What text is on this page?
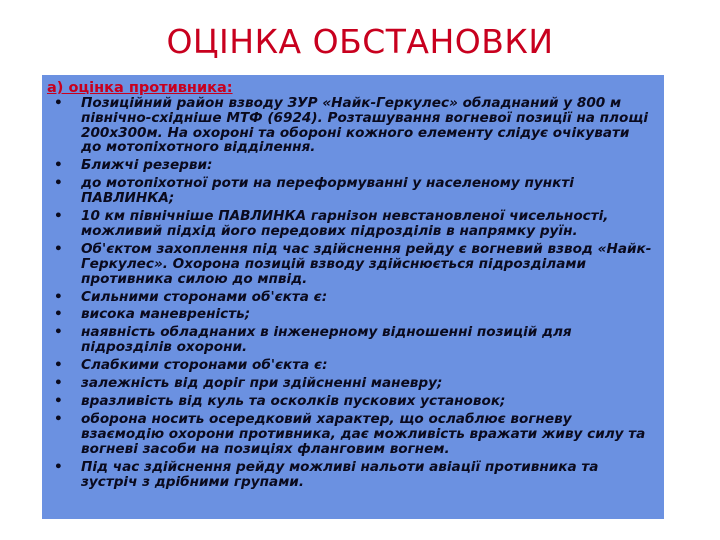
ОЦІНКА ОБСТАНОВКИ
а) оцінка противника:
• Позиційний район взводу ЗУР «Найк-Геркулес» обладнаний у 800 м північно-східніше МТФ (6924). Розташування вогневої позиції на площі 200х300м. На охороні та обороні кожного елементу слідує очікувати до мотопіхотного відділення.
• Ближчі резерви:
• до мотопіхотної роти на переформуванні у населеному пункті ПАВЛИНКА;
• 10 км північніше ПАВЛИНКА гарнізон невстановленої чисельності, можливий підхід його передових підрозділів в напрямку руїн.
• Об'єктом захоплення під час здійснення рейду є вогневий взвод «Найк-Геркулес». Охорона позицій взводу здійснюється підрозділами противника силою до мпвід.
• Сильними сторонами об'єкта є:
• висока маневреність;
• наявність обладнаних в інженерному відношенні позицій для підрозділів охорони.
• Слабкими сторонами об'єкта є:
• залежність від доріг при здійсненні маневру;
• вразливість від куль та осколків пускових установок;
• оборона носить осередковий характер, що ослаблює вогневу взаємодію охорони противника, дає можливість вражати живу силу та вогневі засоби на позиціях фланговим вогнем.
• Під час здійснення рейду можливі нальоти авіації противника та зустріч з дрібними групами.
